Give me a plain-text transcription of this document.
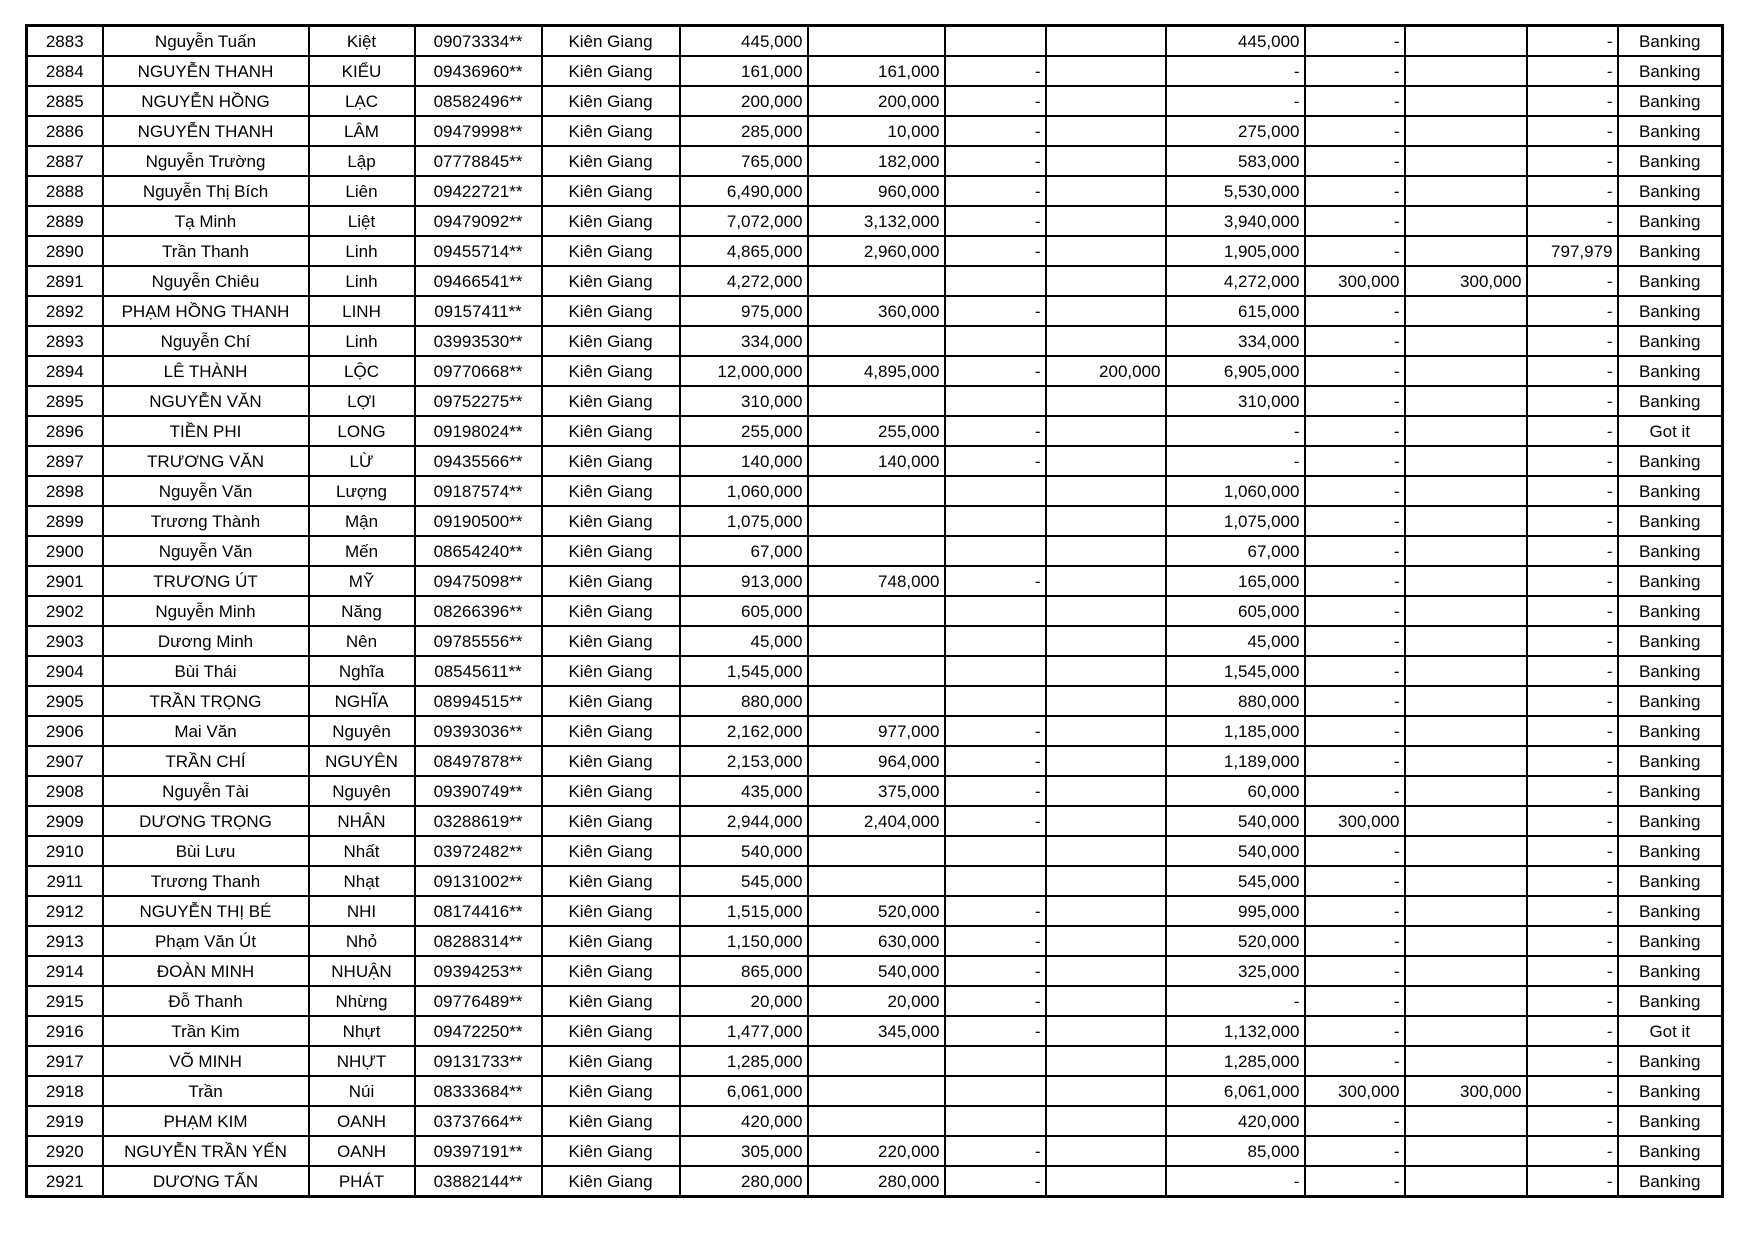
2883	Nguyễn Tuấn	Kiệt	09073334**	Kiên Giang	445,000				445,000	-		-	Banking
2884	NGUYỄN THANH	KIỂU	09436960**	Kiên Giang	161,000	161,000	-		-	-		-	Banking
2885	NGUYỄN HỒNG	LẠC	08582496**	Kiên Giang	200,000	200,000	-		-	-		-	Banking
2886	NGUYỄN THANH	LÂM	09479998**	Kiên Giang	285,000	10,000	-		275,000	-		-	Banking
2887	Nguyễn Trường	Lập	07778845**	Kiên Giang	765,000	182,000	-		583,000	-		-	Banking
2888	Nguyễn Thị Bích	Liên	09422721**	Kiên Giang	6,490,000	960,000	-		5,530,000	-		-	Banking
2889	Tạ Minh	Liệt	09479092**	Kiên Giang	7,072,000	3,132,000	-		3,940,000	-		-	Banking
2890	Trần Thanh	Linh	09455714**	Kiên Giang	4,865,000	2,960,000	-		1,905,000	-		797,979	Banking
2891	Nguyễn Chiêu	Linh	09466541**	Kiên Giang	4,272,000				4,272,000	300,000	300,000	-	Banking
2892	PHẠM HỒNG THANH	LINH	09157411**	Kiên Giang	975,000	360,000	-		615,000	-		-	Banking
2893	Nguyễn Chí	Linh	03993530**	Kiên Giang	334,000				334,000	-		-	Banking
2894	LÊ THÀNH	LỘC	09770668**	Kiên Giang	12,000,000	4,895,000	-	200,000	6,905,000	-		-	Banking
2895	NGUYỄN VĂN	LỢI	09752275**	Kiên Giang	310,000				310,000	-		-	Banking
2896	TIỀN PHI	LONG	09198024**	Kiên Giang	255,000	255,000	-		-	-		-	Got it
2897	TRƯƠNG VĂN	LỪ	09435566**	Kiên Giang	140,000	140,000	-		-	-		-	Banking
2898	Nguyễn Văn	Lượng	09187574**	Kiên Giang	1,060,000				1,060,000	-		-	Banking
2899	Trương Thành	Mận	09190500**	Kiên Giang	1,075,000				1,075,000	-		-	Banking
2900	Nguyễn Văn	Mến	08654240**	Kiên Giang	67,000				67,000	-		-	Banking
2901	TRƯƠNG ÚT	MỸ	09475098**	Kiên Giang	913,000	748,000	-		165,000	-		-	Banking
2902	Nguyễn Minh	Năng	08266396**	Kiên Giang	605,000				605,000	-		-	Banking
2903	Dương Minh	Nên	09785556**	Kiên Giang	45,000				45,000	-		-	Banking
2904	Bùi Thái	Nghĩa	08545611**	Kiên Giang	1,545,000				1,545,000	-		-	Banking
2905	TRẦN TRỌNG	NGHĨA	08994515**	Kiên Giang	880,000				880,000	-		-	Banking
2906	Mai Văn	Nguyên	09393036**	Kiên Giang	2,162,000	977,000	-		1,185,000	-		-	Banking
2907	TRẦN CHÍ	NGUYÊN	08497878**	Kiên Giang	2,153,000	964,000	-		1,189,000	-		-	Banking
2908	Nguyễn Tài	Nguyên	09390749**	Kiên Giang	435,000	375,000	-		60,000	-		-	Banking
2909	DƯƠNG TRỌNG	NHÂN	03288619**	Kiên Giang	2,944,000	2,404,000	-		540,000	300,000		-	Banking
2910	Bùi Lưu	Nhất	03972482**	Kiên Giang	540,000				540,000	-		-	Banking
2911	Trương Thanh	Nhạt	09131002**	Kiên Giang	545,000				545,000	-		-	Banking
2912	NGUYỄN THỊ BÉ	NHI	08174416**	Kiên Giang	1,515,000	520,000	-		995,000	-		-	Banking
2913	Phạm Văn Út	Nhỏ	08288314**	Kiên Giang	1,150,000	630,000	-		520,000	-		-	Banking
2914	ĐOÀN MINH	NHUẬN	09394253**	Kiên Giang	865,000	540,000	-		325,000	-		-	Banking
2915	Đỗ Thanh	Nhừng	09776489**	Kiên Giang	20,000	20,000	-		-	-		-	Banking
2916	Trần Kim	Nhựt	09472250**	Kiên Giang	1,477,000	345,000	-		1,132,000	-		-	Got it
2917	VÕ MINH	NHỰT	09131733**	Kiên Giang	1,285,000				1,285,000	-		-	Banking
2918	Trần	Núi	08333684**	Kiên Giang	6,061,000				6,061,000	300,000	300,000	-	Banking
2919	PHẠM KIM	OANH	03737664**	Kiên Giang	420,000				420,000	-		-	Banking
2920	NGUYỄN TRẦN YẾN	OANH	09397191**	Kiên Giang	305,000	220,000	-		85,000	-		-	Banking
2921	DƯƠNG TẤN	PHÁT	03882144**	Kiên Giang	280,000	280,000	-		-	-		-	Banking
